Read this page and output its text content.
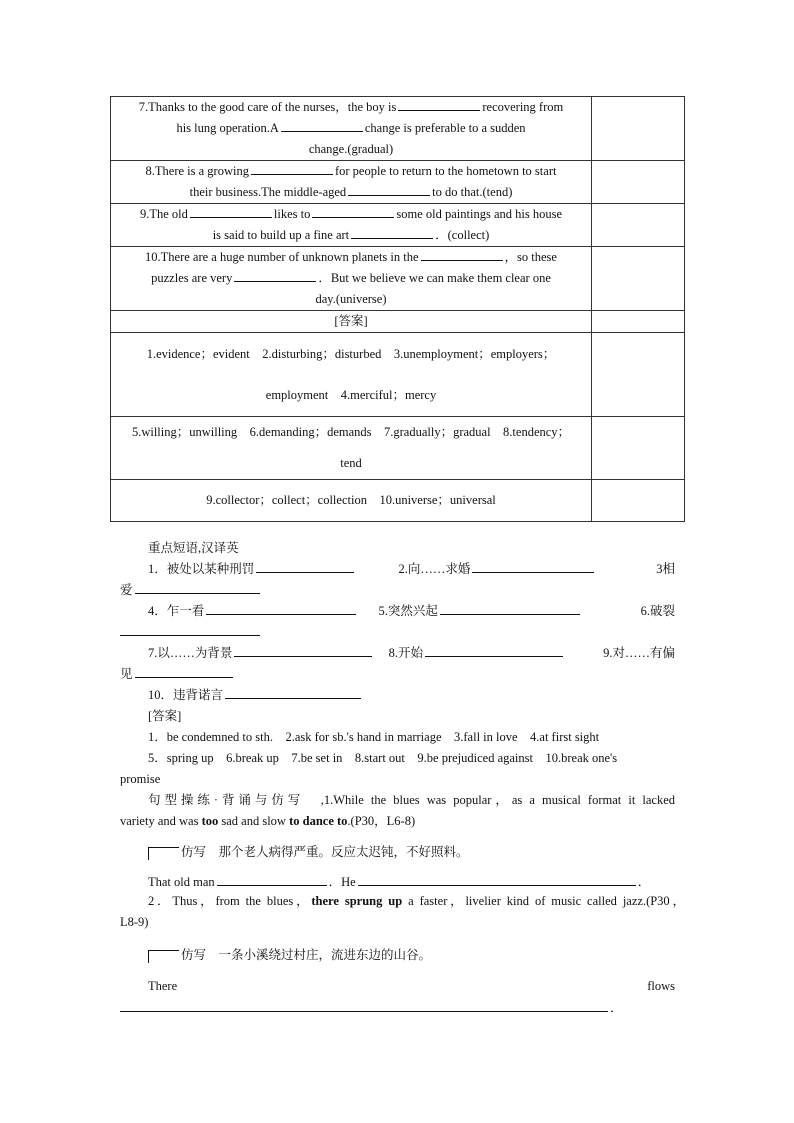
7.Thanks to the good care of the nurses，the boy is recovering from
his lung operation.A change is preferable to a sudden
change.(gradual)	
8.There is a growing for people to return to the hometown to start
their business.The middle-aged to do that.(tend)	
9.The old likes to some old paintings and his house
is said to build up a fine art ．(collect)	
10.There are a huge number of unknown planets in the ，so these
puzzles are very ．But we believe we can make them clear one
day.(universe)	
[答案]	
1.evidence；evident　2.disturbing；disturbed　3.unemployment；employers；
employment　4.merciful；mercy	
5.willing；unwilling　6.demanding；demands　7.gradually；gradual　8.tendency；
tend	
9.collector；collect；collection　10.universe；universal	
重点短语,汉译英
1．被处以某种刑罚	2.向……求婚	3相
爱
4．乍一看	5.突然兴起	6.破裂
7.以……为背景	8.开始	9.对……有偏
见
10．违背诺言
[答案]
1．be condemned to sth.　2.ask for sb.'s hand in marriage　3.fall in love　4.at first sight
5．spring up　6.break up　7.be set in　8.start out　9.be prejudiced against　10.break one's
promise
句型操练·背诵与仿写　,1.While the blues was popular，as a musical format it lacked
variety and was too sad and slow to dance to.(P30，L6-8)
仿写　 那个老人病得严重。反应太迟钝，不好照料。
That old man	．He	．
2．Thus，from the blues，there sprung up a faster，livelier kind of music called jazz.(P30，
L8-9)
仿写　 一条小溪绕过村庄，流进东边的山谷。
There	flows
．
